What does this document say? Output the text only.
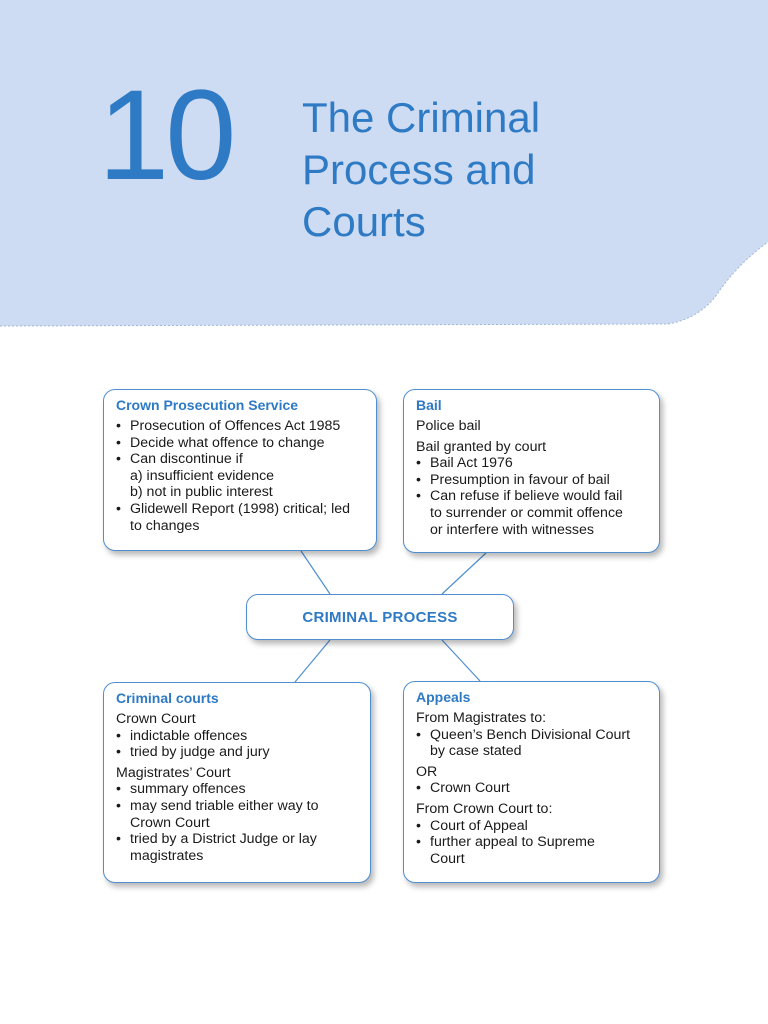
10 The Criminal
Process and
Courts
CRIMINAL PROCESS
Crown Prosecution Service
• Prosecution of Offences Act 1985
• Decide what offence to change
• Can discontinue if
a) insufficient evidence
b) not in public interest
• Glidewell Report (1998) critical; led
to changes
Bail

Police bail

Bail granted by court

• Bail Act 1976
• Presumption in favour of bail
• Can refuse if believe would fail
to surrender or commit offence
or interfere with witnesses
Criminal courts

Crown Court

• indictable offences
• tried by judge and jury

Magistrates’ Court

• summary offences
• may send triable either way to
Crown Court
• tried by a District Judge or lay
magistrates
Appeals

From Magistrates to:

• Queen’s Bench Divisional Court
by case stated

OR

• Crown Court

From Crown Court to:

• Court of Appeal
• further appeal to Supreme
Court
